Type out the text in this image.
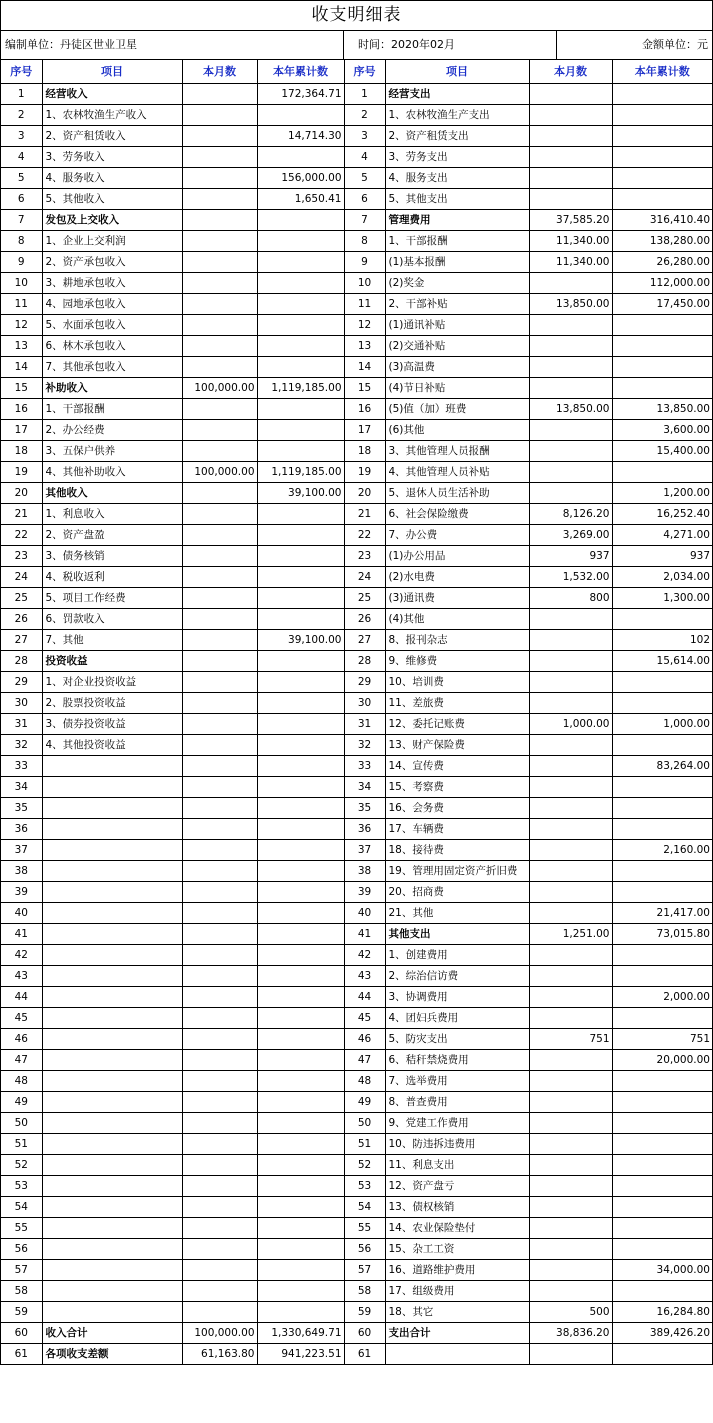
收支明细表
编制单位：丹徒区世业卫星	时间：2020年02月	金额单位：元
序号	项目	本月数	本年累计数	序号	项目	本月数	本年累计数
1	经营收入		172,364.71	1	经营支出		
2	1、农林牧渔生产收入			2	1、农林牧渔生产支出		
3	2、资产租赁收入		14,714.30	3	2、资产租赁支出		
4	3、劳务收入			4	3、劳务支出		
5	4、服务收入		156,000.00	5	4、服务支出		
6	5、其他收入		1,650.41	6	5、其他支出		
7	发包及上交收入			7	管理费用	37,585.20	316,410.40
8	1、企业上交利润			8	1、干部报酬	11,340.00	138,280.00
9	2、资产承包收入			9	(1)基本报酬	11,340.00	26,280.00
10	3、耕地承包收入			10	(2)奖金		112,000.00
11	4、园地承包收入			11	2、干部补贴	13,850.00	17,450.00
12	5、水面承包收入			12	(1)通讯补贴		
13	6、林木承包收入			13	(2)交通补贴		
14	7、其他承包收入			14	(3)高温费		
15	补助收入	100,000.00	1,119,185.00	15	(4)节日补贴		
16	1、干部报酬			16	(5)值（加）班费	13,850.00	13,850.00
17	2、办公经费			17	(6)其他		3,600.00
18	3、五保户供养			18	3、其他管理人员报酬		15,400.00
19	4、其他补助收入	100,000.00	1,119,185.00	19	4、其他管理人员补贴		
20	其他收入		39,100.00	20	5、退休人员生活补助		1,200.00
21	1、利息收入			21	6、社会保险缴费	8,126.20	16,252.40
22	2、资产盘盈			22	7、办公费	3,269.00	4,271.00
23	3、债务核销			23	(1)办公用品	937	937
24	4、税收返利			24	(2)水电费	1,532.00	2,034.00
25	5、项目工作经费			25	(3)通讯费	800	1,300.00
26	6、罚款收入			26	(4)其他		
27	7、其他		39,100.00	27	8、报刊杂志		102
28	投资收益			28	9、维修费		15,614.00
29	1、对企业投资收益			29	10、培训费		
30	2、股票投资收益			30	11、差旅费		
31	3、债券投资收益			31	12、委托记账费	1,000.00	1,000.00
32	4、其他投资收益			32	13、财产保险费		
33				33	14、宣传费		83,264.00
34				34	15、考察费		
35				35	16、会务费		
36				36	17、车辆费		
37				37	18、接待费		2,160.00
38				38	19、管理用固定资产折旧费		
39				39	20、招商费		
40				40	21、其他		21,417.00
41				41	其他支出	1,251.00	73,015.80
42				42	1、创建费用		
43				43	2、综治信访费		
44				44	3、协调费用		2,000.00
45				45	4、团妇兵费用		
46				46	5、防灾支出	751	751
47				47	6、秸秆禁烧费用		20,000.00
48				48	7、选举费用		
49				49	8、普查费用		
50				50	9、党建工作费用		
51				51	10、防违拆违费用		
52				52	11、利息支出		
53				53	12、资产盘亏		
54				54	13、债权核销		
55				55	14、农业保险垫付		
56				56	15、杂工工资		
57				57	16、道路维护费用		34,000.00
58				58	17、组级费用		
59				59	18、其它	500	16,284.80
60	收入合计	100,000.00	1,330,649.71	60	支出合计	38,836.20	389,426.20
61	各项收支差额	61,163.80	941,223.51	61			
